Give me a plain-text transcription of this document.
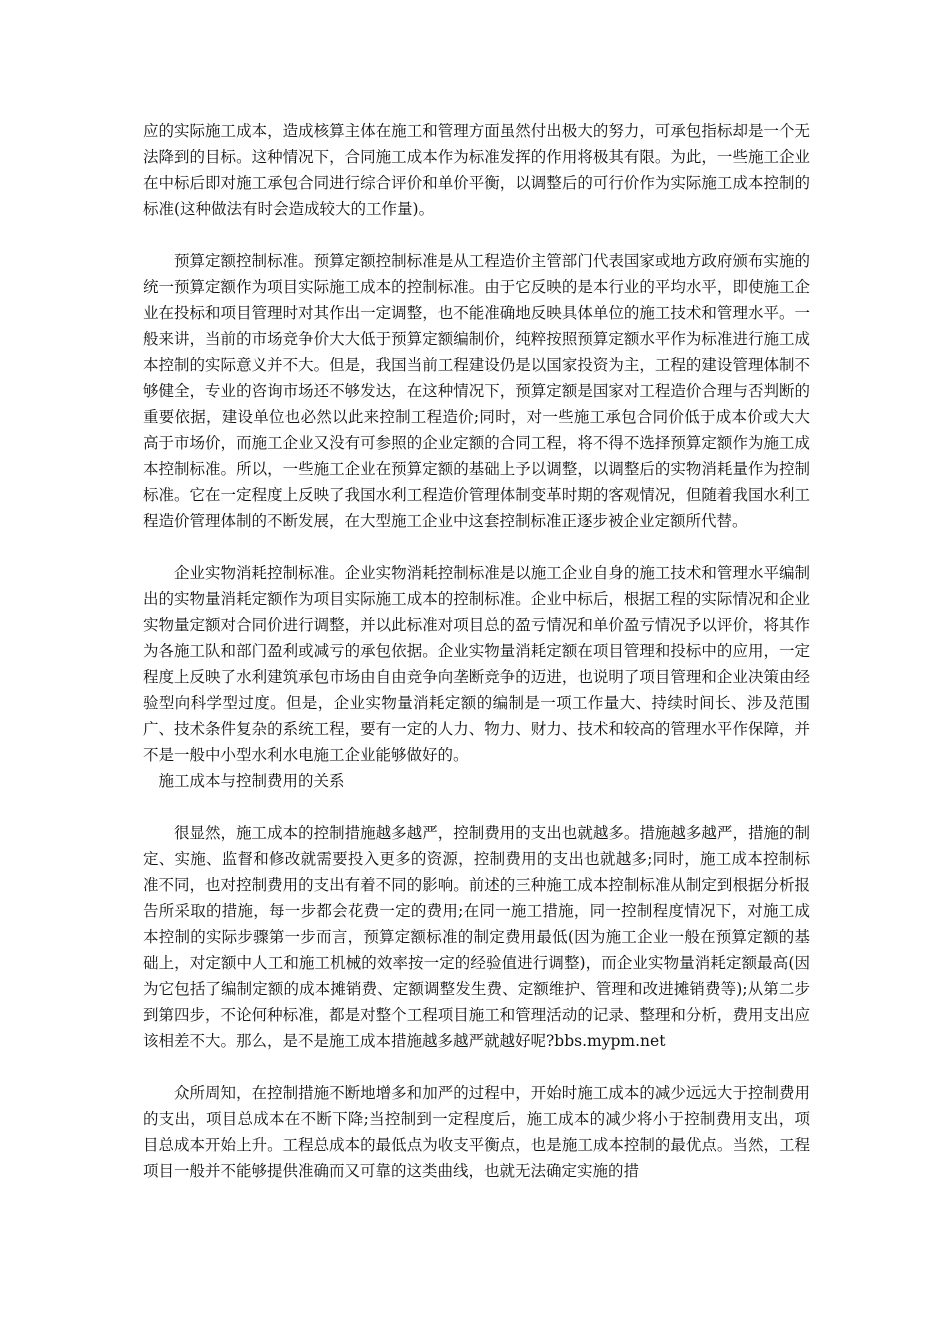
应的实际施工成本，造成核算主体在施工和管理方面虽然付出极大的努力，可承包指标却是一个无法降到的目标。这种情况下，合同施工成本作为标准发挥的作用将极其有限。为此，一些施工企业在中标后即对施工承包合同进行综合评价和单价平衡，以调整后的可行价作为实际施工成本控制的标准(这种做法有时会造成较大的工作量)。

预算定额控制标准。预算定额控制标准是从工程造价主管部门代表国家或地方政府颁布实施的统一预算定额作为项目实际施工成本的控制标准。由于它反映的是本行业的平均水平，即使施工企业在投标和项目管理时对其作出一定调整，也不能准确地反映具体单位的施工技术和管理水平。一般来讲，当前的市场竞争价大大低于预算定额编制价，纯粹按照预算定额水平作为标准进行施工成本控制的实际意义并不大。但是，我国当前工程建设仍是以国家投资为主，工程的建设管理体制不够健全，专业的咨询市场还不够发达，在这种情况下，预算定额是国家对工程造价合理与否判断的重要依据，建设单位也必然以此来控制工程造价;同时，对一些施工承包合同价低于成本价或大大高于市场价，而施工企业又没有可参照的企业定额的合同工程，将不得不选择预算定额作为施工成本控制标准。所以，一些施工企业在预算定额的基础上予以调整，以调整后的实物消耗量作为控制标准。它在一定程度上反映了我国水利工程造价管理体制变革时期的客观情况，但随着我国水利工程造价管理体制的不断发展，在大型施工企业中这套控制标准正逐步被企业定额所代替。

企业实物消耗控制标准。企业实物消耗控制标准是以施工企业自身的施工技术和管理水平编制出的实物量消耗定额作为项目实际施工成本的控制标准。企业中标后，根据工程的实际情况和企业实物量定额对合同价进行调整，并以此标准对项目总的盈亏情况和单价盈亏情况予以评价，将其作为各施工队和部门盈利或减亏的承包依据。企业实物量消耗定额在项目管理和投标中的应用，一定程度上反映了水利建筑承包市场由自由竞争向垄断竞争的迈进，也说明了项目管理和企业决策由经验型向科学型过度。但是，企业实物量消耗定额的编制是一项工作量大、持续时间长、涉及范围广、技术条件复杂的系统工程，要有一定的人力、物力、财力、技术和较高的管理水平作保障，并不是一般中小型水利水电施工企业能够做好的。

施工成本与控制费用的关系

很显然，施工成本的控制措施越多越严，控制费用的支出也就越多。措施越多越严，措施的制定、实施、监督和修改就需要投入更多的资源，控制费用的支出也就越多;同时，施工成本控制标准不同，也对控制费用的支出有着不同的影响。前述的三种施工成本控制标准从制定到根据分析报告所采取的措施，每一步都会花费一定的费用;在同一施工措施，同一控制程度情况下，对施工成本控制的实际步骤第一步而言，预算定额标准的制定费用最低(因为施工企业一般在预算定额的基础上，对定额中人工和施工机械的效率按一定的经验值进行调整)，而企业实物量消耗定额最高(因为它包括了编制定额的成本摊销费、定额调整发生费、定额维护、管理和改进摊销费等);从第二步到第四步，不论何种标准，都是对整个工程项目施工和管理活动的记录、整理和分析，费用支出应该相差不大。那么，是不是施工成本措施越多越严就越好呢?bbs.mypm.net

众所周知，在控制措施不断地增多和加严的过程中，开始时施工成本的减少远远大于控制费用的支出，项目总成本在不断下降;当控制到一定程度后，施工成本的减少将小于控制费用支出，项目总成本开始上升。工程总成本的最低点为收支平衡点，也是施工成本控制的最优点。当然，工程项目一般并不能够提供准确而又可靠的这类曲线，也就无法确定实施的措
